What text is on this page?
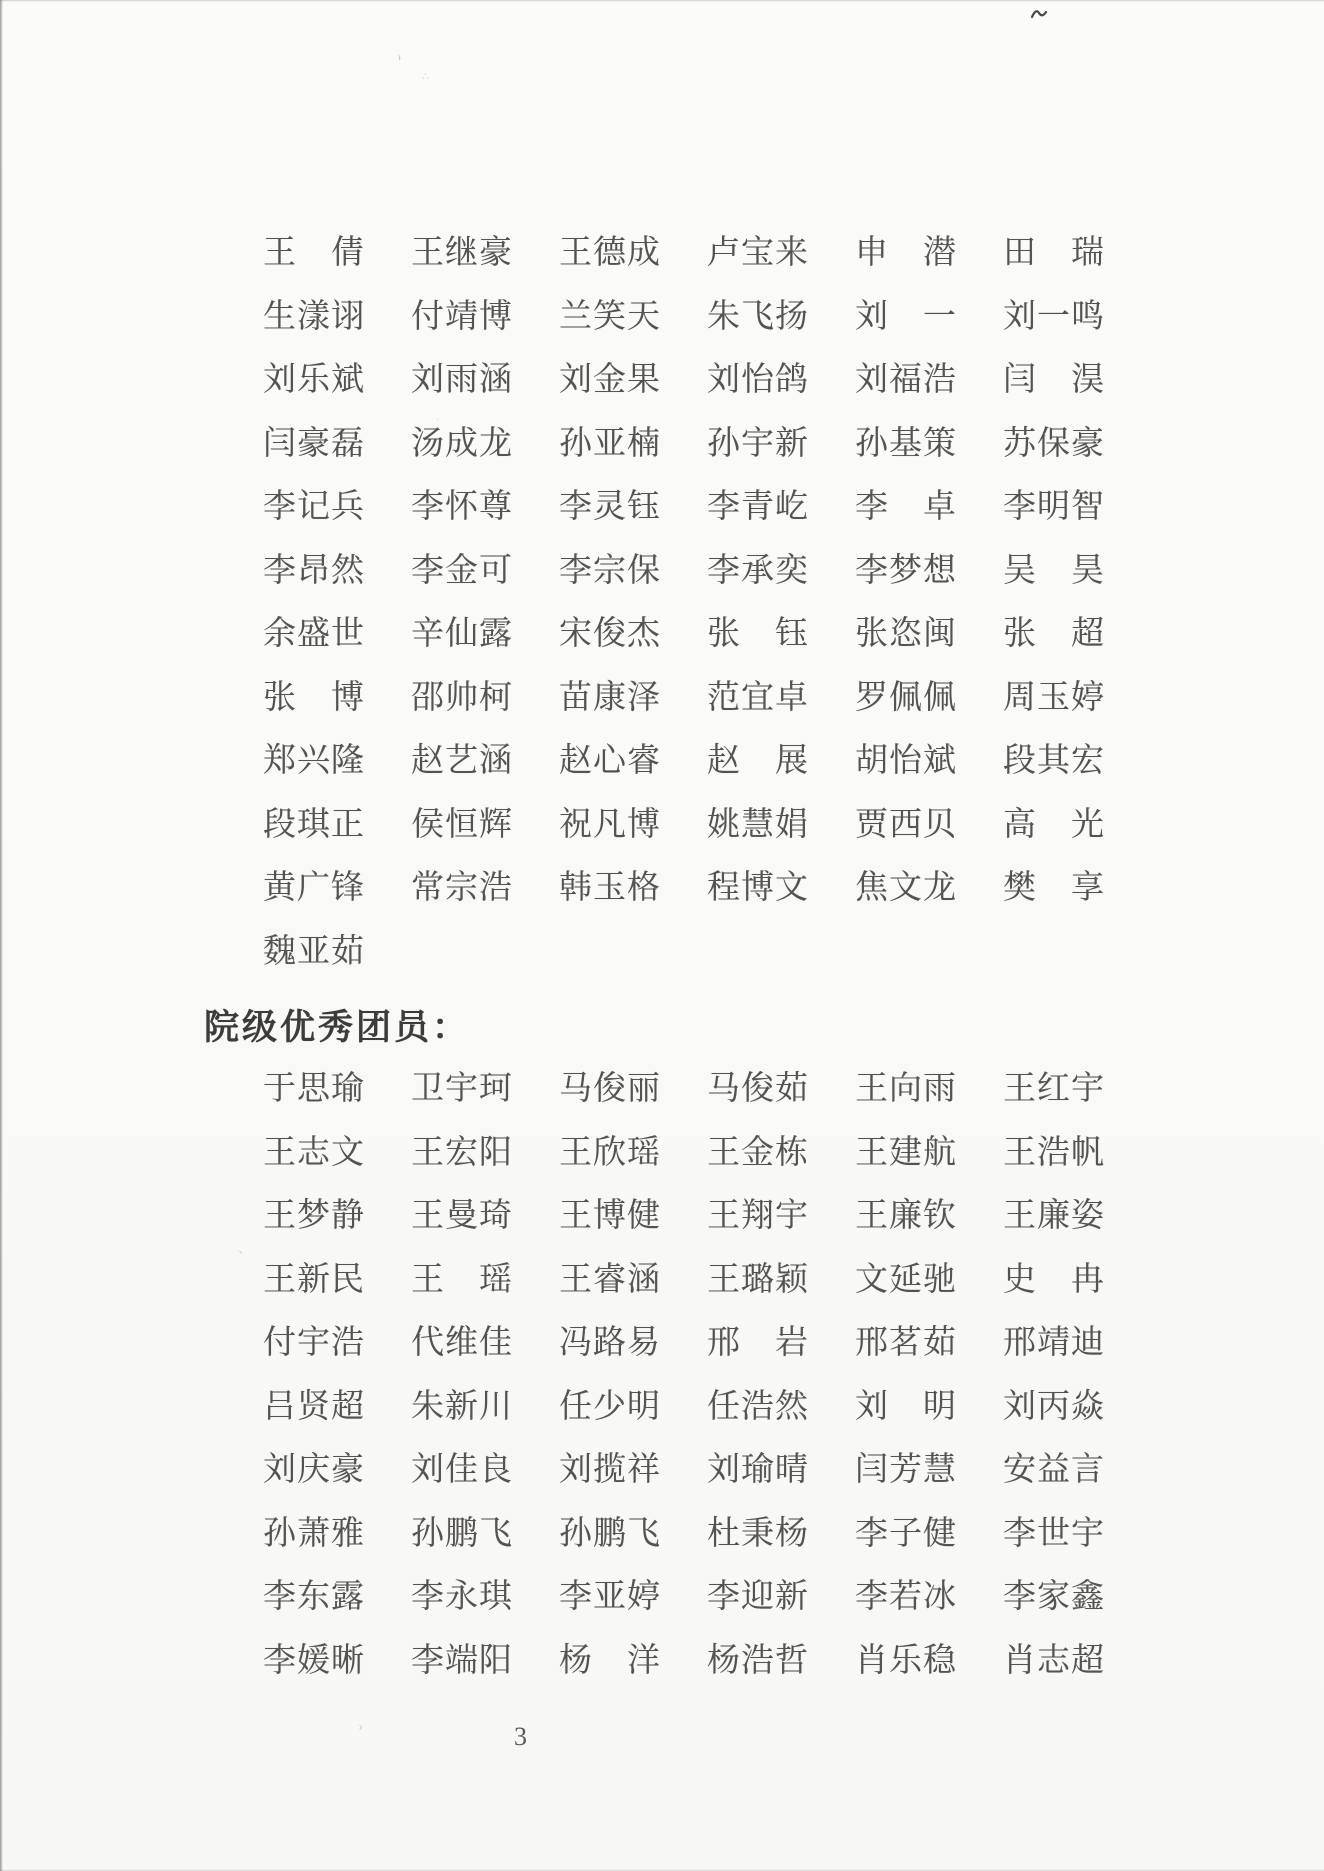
ヽ
∴
、
›
·
王　倩	王继豪	王德成	卢宝来	申　潜	田　瑞
生漾诩	付靖博	兰笑天	朱飞扬	刘　一	刘一鸣
刘乐斌	刘雨涵	刘金果	刘怡鸽	刘福浩	闫　淏
闫豪磊	汤成龙	孙亚楠	孙宇新	孙基策	苏保豪
李记兵	李怀尊	李灵钰	李青屹	李　卓	李明智
李昂然	李金可	李宗保	李承奕	李梦想	吴　昊
余盛世	辛仙露	宋俊杰	张　钰	张恣闽	张　超
张　博	邵帅柯	苗康泽	范宜卓	罗佩佩	周玉婷
郑兴隆	赵艺涵	赵心睿	赵　展	胡怡斌	段其宏
段琪正	侯恒辉	祝凡博	姚慧娟	贾西贝	高　光
黄广锋	常宗浩	韩玉格	程博文	焦文龙	樊　享
魏亚茹
院级优秀团员：
于思瑜	卫宇珂	马俊丽	马俊茹	王向雨	王红宇
王志文	王宏阳	王欣瑶	王金栋	王建航	王浩帆
王梦静	王曼琦	王博健	王翔宇	王廉钦	王廉姿
王新民	王　瑶	王睿涵	王璐颖	文延驰	史　冉
付宇浩	代维佳	冯路易	邢　岩	邢茗茹	邢靖迪
吕贤超	朱新川	任少明	任浩然	刘　明	刘丙焱
刘庆豪	刘佳良	刘揽祥	刘瑜晴	闫芳慧	安益言
孙萧雅	孙鹏飞	孙鹏飞	杜秉杨	李子健	李世宇
李东露	李永琪	李亚婷	李迎新	李若冰	李家鑫
李媛晰	李端阳	杨　洋	杨浩哲	肖乐稳	肖志超
3
